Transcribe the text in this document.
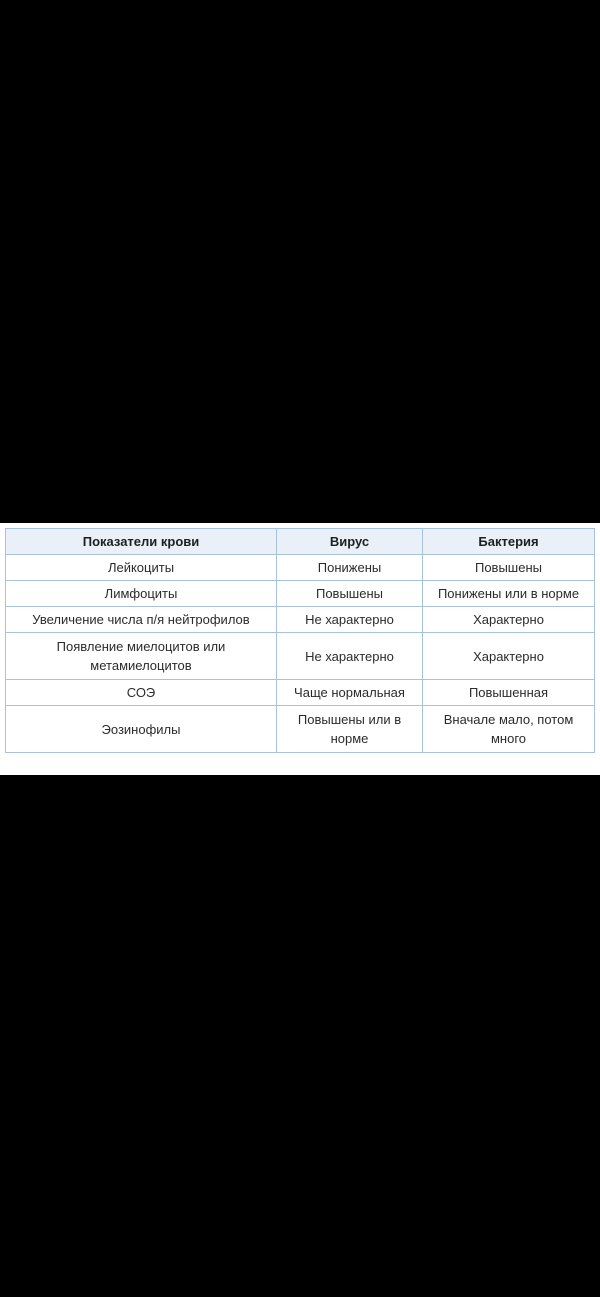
Показатели крови	Вирус	Бактерия
Лейкоциты	Понижены	Повышены
Лимфоциты	Повышены	Понижены или в норме
Увеличение числа п/я нейтрофилов	Не характерно	Характерно
Появление миелоцитов или метамиелоцитов	Не характерно	Характерно
СОЭ	Чаще нормальная	Повышенная
Эозинофилы	Повышены или в норме	Вначале мало, потом много
